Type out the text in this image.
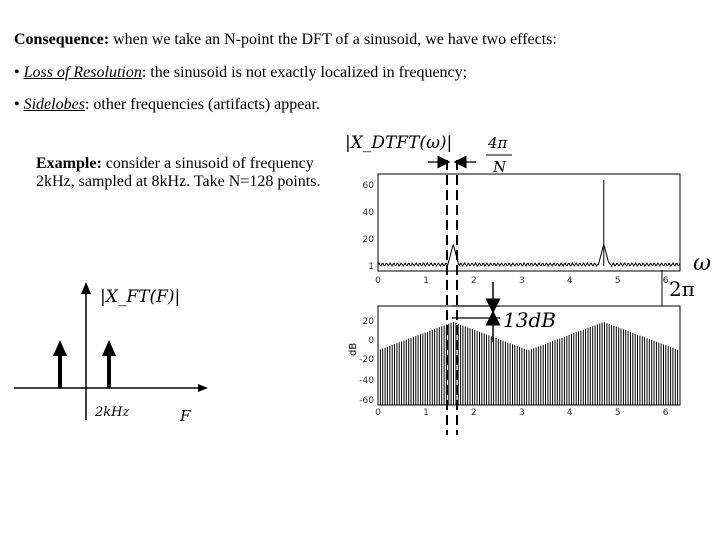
Consequence: when we take an N-point the DFT of a sinusoid, we have two effects:
• Loss of Resolution: the sinusoid is not exactly localized in frequency;
• Sidelobes: other frequencies (artifacts) appear.
Example: consider a sinusoid of frequency 2kHz, sampled at 8kHz. Take N=128 points.
|X_FT(F)|
2kHz	F
|X_DTFT(ω)|
60
40
20
1
20
0
-20
-40
-60
0	1	2	3	4	5	6
0	1	2	3	4	5	6
dB
4π
N
13dB
ω
2π
